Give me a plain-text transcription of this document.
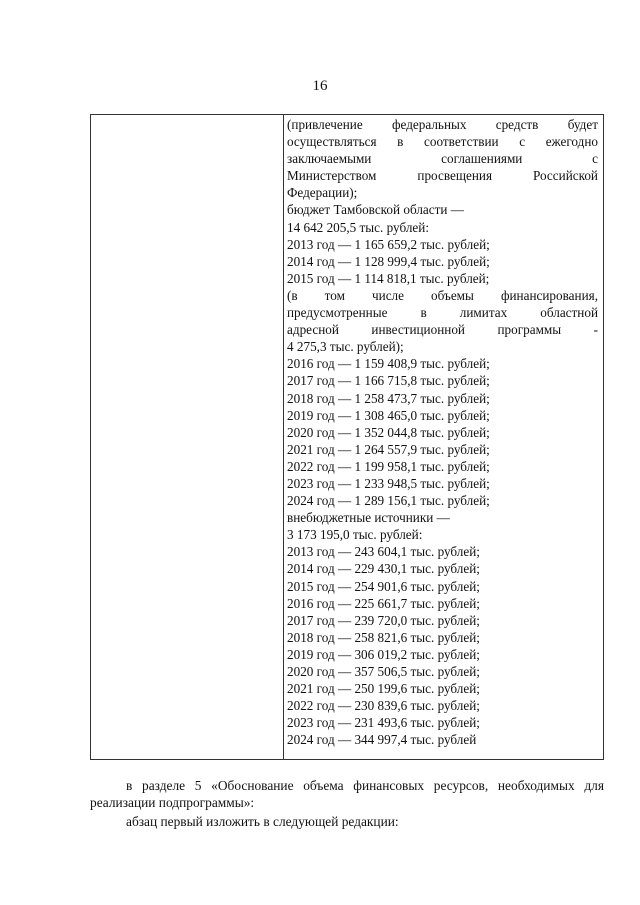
16
(привлечение федеральных средств будет
осуществляться в соответствии с ежегодно
заключаемыми соглашениями с
Министерством просвещения Российской
Федерации);
бюджет Тамбовской области —
14 642 205,5 тыс. рублей:
2013 год — 1 165 659,2 тыс. рублей;
2014 год — 1 128 999,4 тыс. рублей;
2015 год — 1 114 818,1 тыс. рублей;
(в том числе объемы финансирования,
предусмотренные в лимитах областной
адресной инвестиционной программы -
4 275,3 тыс. рублей);
2016 год — 1 159 408,9 тыс. рублей;
2017 год — 1 166 715,8 тыс. рублей;
2018 год — 1 258 473,7 тыс. рублей;
2019 год — 1 308 465,0 тыс. рублей;
2020 год — 1 352 044,8 тыс. рублей;
2021 год — 1 264 557,9 тыс. рублей;
2022 год — 1 199 958,1 тыс. рублей;
2023 год — 1 233 948,5 тыс. рублей;
2024 год — 1 289 156,1 тыс. рублей;
внебюджетные источники —
3 173 195,0 тыс. рублей:
2013 год — 243 604,1 тыс. рублей;
2014 год — 229 430,1 тыс. рублей;
2015 год — 254 901,6 тыс. рублей;
2016 год — 225 661,7 тыс. рублей;
2017 год — 239 720,0 тыс. рублей;
2018 год — 258 821,6 тыс. рублей;
2019 год — 306 019,2 тыс. рублей;
2020 год — 357 506,5 тыс. рублей;
2021 год — 250 199,6 тыс. рублей;
2022 год — 230 839,6 тыс. рублей;
2023 год — 231 493,6 тыс. рублей;
2024 год — 344 997,4 тыс. рублей
в разделе 5 «Обоснование объема финансовых ресурсов, необходимых для реализации подпрограммы»:
абзац первый изложить в следующей редакции:
